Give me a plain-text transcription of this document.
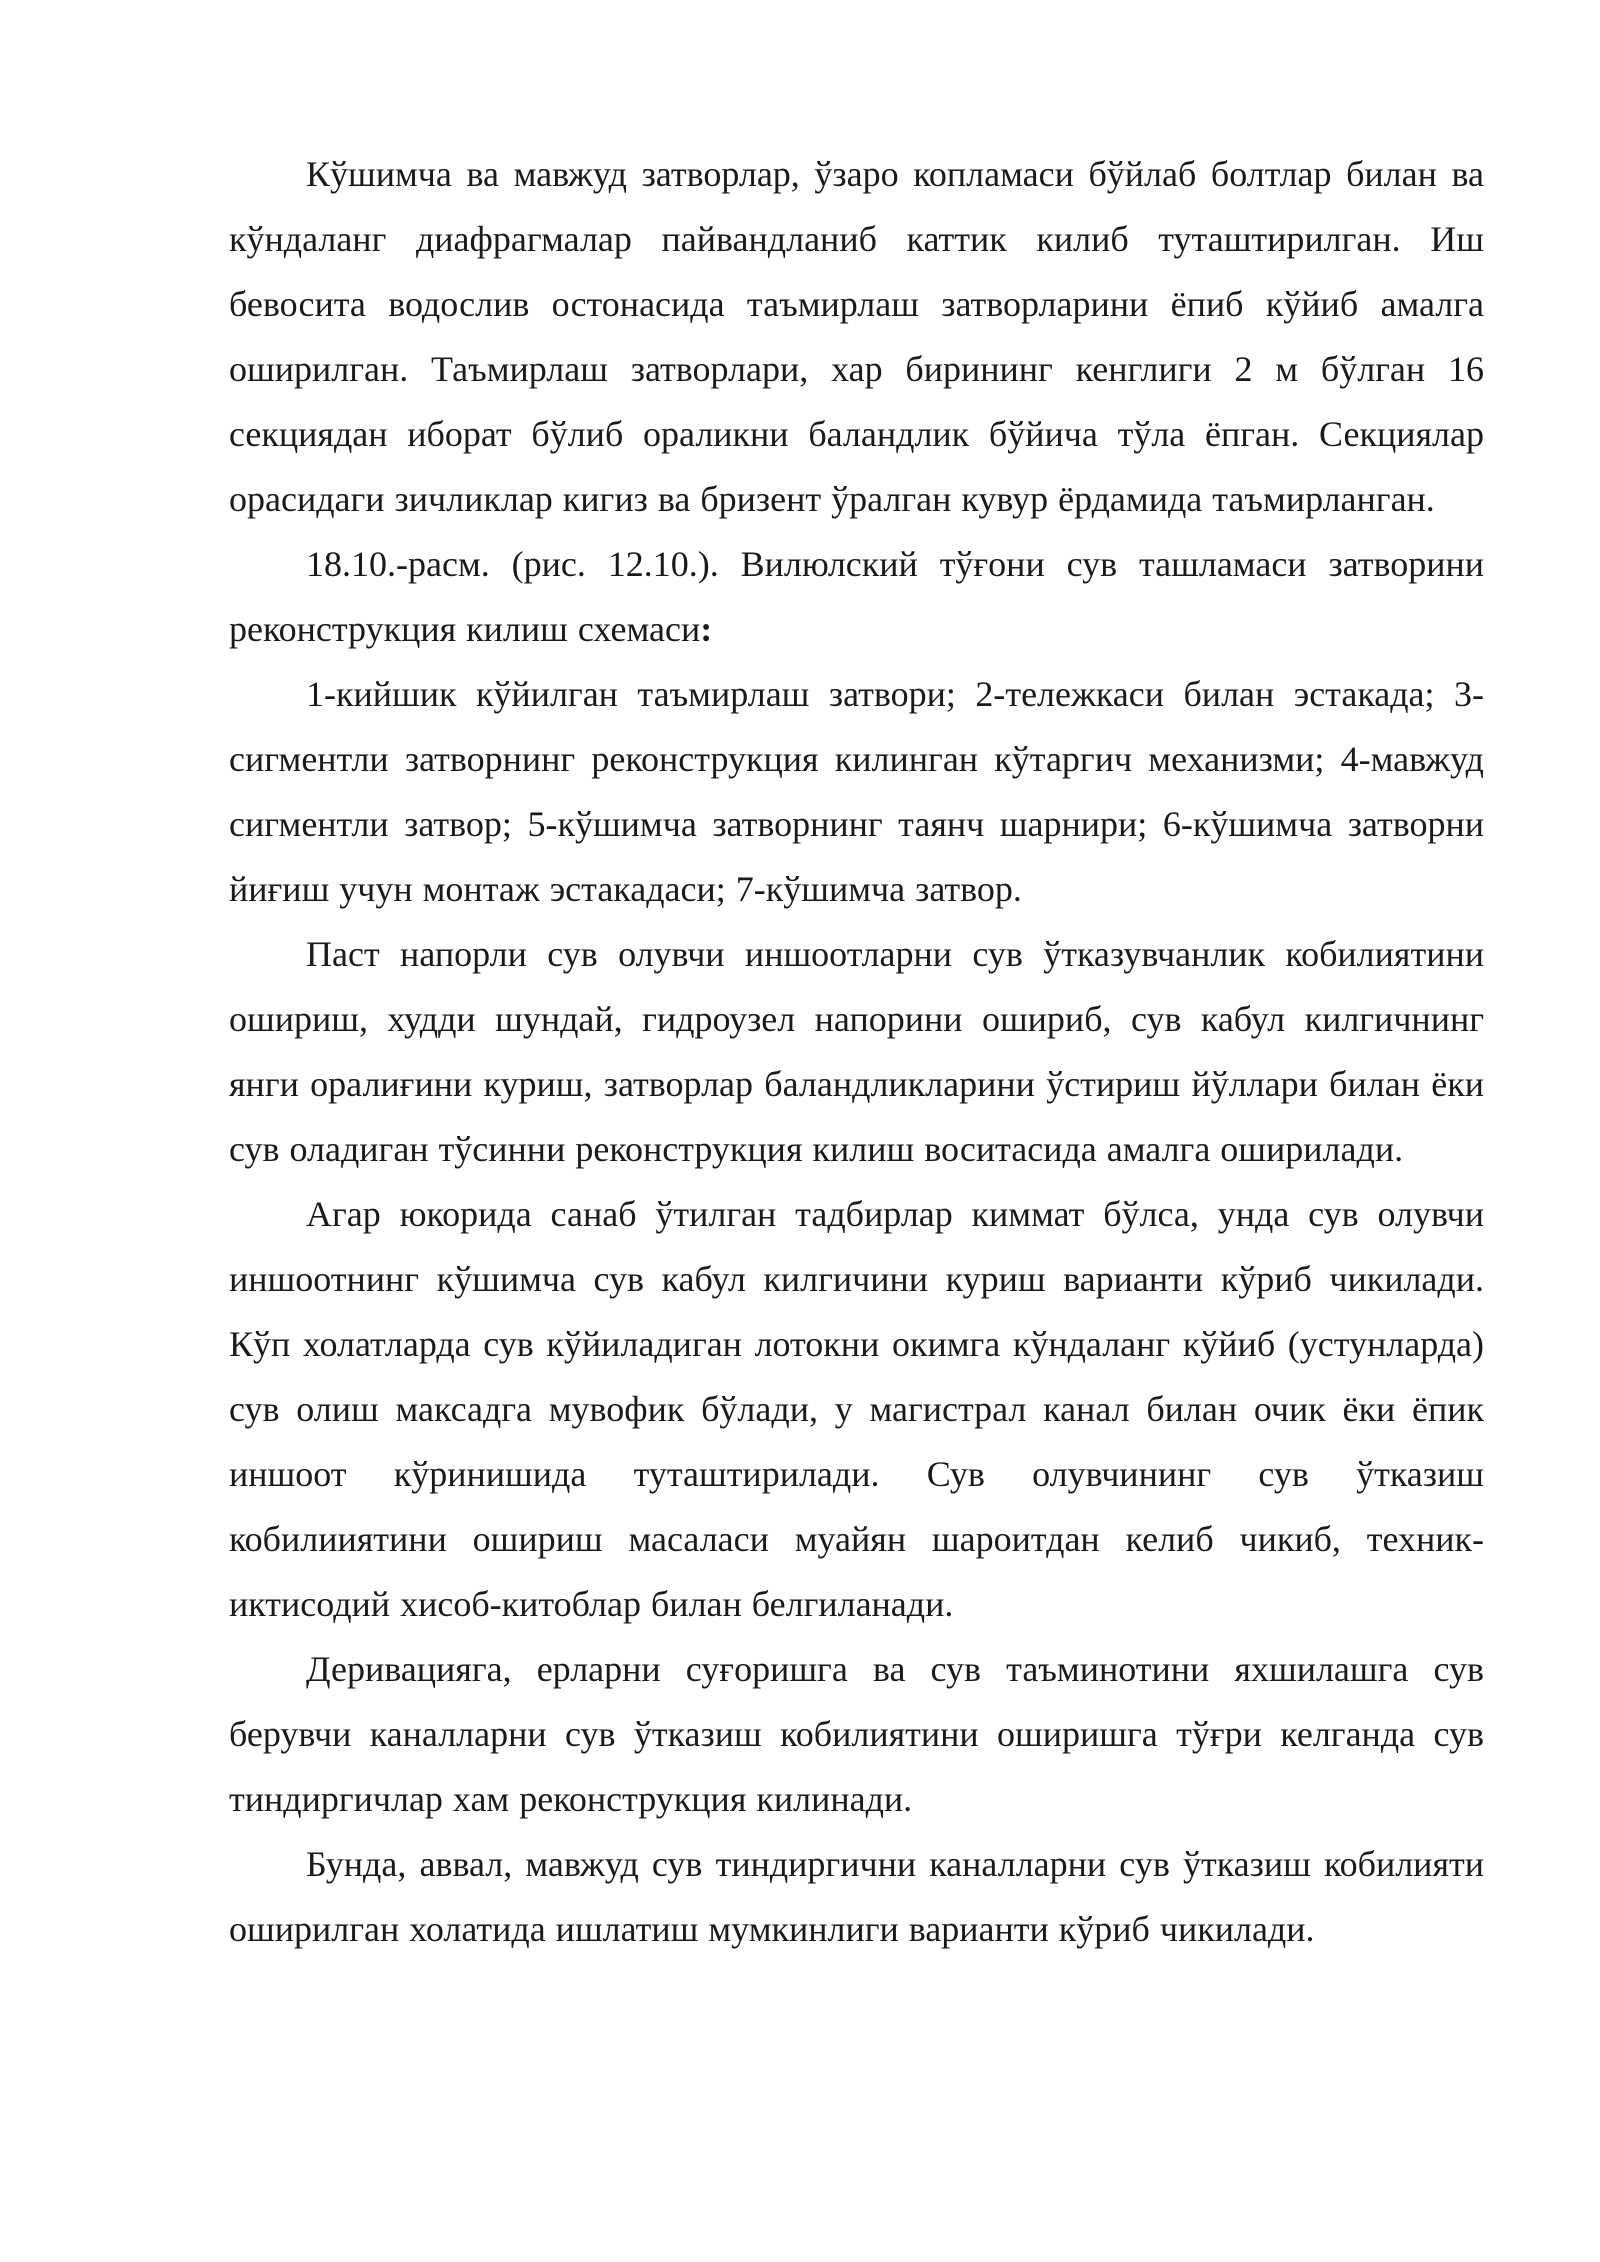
Кўшимча ва мавжуд затворлар, ўзаро копламаси бўйлаб болтлар билан ва кўндаланг диафрагмалар пайвандланиб каттик килиб туташтирилган. Иш бевосита водослив остонасида таъмирлаш затворларини ёпиб кўйиб амалга оширилган. Таъмирлаш затворлари, хар бирининг кенглиги 2 м бўлган 16 секциядан иборат бўлиб ораликни баландлик бўйича тўла ёпган. Секциялар орасидаги зичликлар кигиз ва бризент ўралган кувур ёрдамида таъмирланган.

18.10.-расм. (рис. 12.10.). Вилюлский тўғони сув ташламаси затворини реконструкция килиш схемаси:

1-кийшик кўйилган таъмирлаш затвори; 2-тележкаси билан эстакада; 3-сигментли затворнинг реконструкция килинган кўтаргич механизми; 4-мавжуд сигментли затвор; 5-кўшимча затворнинг таянч шарнири; 6-кўшимча затворни йиғиш учун монтаж эстакадаси; 7-кўшимча затвор.

Паст напорли сув олувчи иншоотларни сув ўтказувчанлик кобилиятини ошириш, худди шундай, гидроузел напорини ошириб, сув кабул килгичнинг янги оралиғини куриш, затворлар баландликларини ўстириш йўллари билан ёки сув оладиган тўсинни реконструкция килиш воситасида амалга оширилади.

Агар юкорида санаб ўтилган тадбирлар киммат бўлса, унда сув олувчи иншоотнинг кўшимча сув кабул килгичини куриш варианти кўриб чикилади. Кўп холатларда сув кўйиладиган лотокни окимга кўндаланг кўйиб (устунларда) сув олиш максадга мувофик бўлади, у магистрал канал билан очик ёки ёпик иншоот кўринишида туташтирилади. Сув олувчининг сув ўтказиш кобилииятини ошириш масаласи муайян шароитдан келиб чикиб, техник-иктисодий хисоб-китоблар билан белгиланади.

Деривацияга, ерларни суғоришга ва сув таъминотини яхшилашга сув берувчи каналларни сув ўтказиш кобилиятини оширишга тўғри келганда сув тиндиргичлар хам реконструкция килинади.

Бунда, аввал, мавжуд сув тиндиргични каналларни сув ўтказиш кобилияти оширилган холатида ишлатиш мумкинлиги варианти кўриб чикилади.
